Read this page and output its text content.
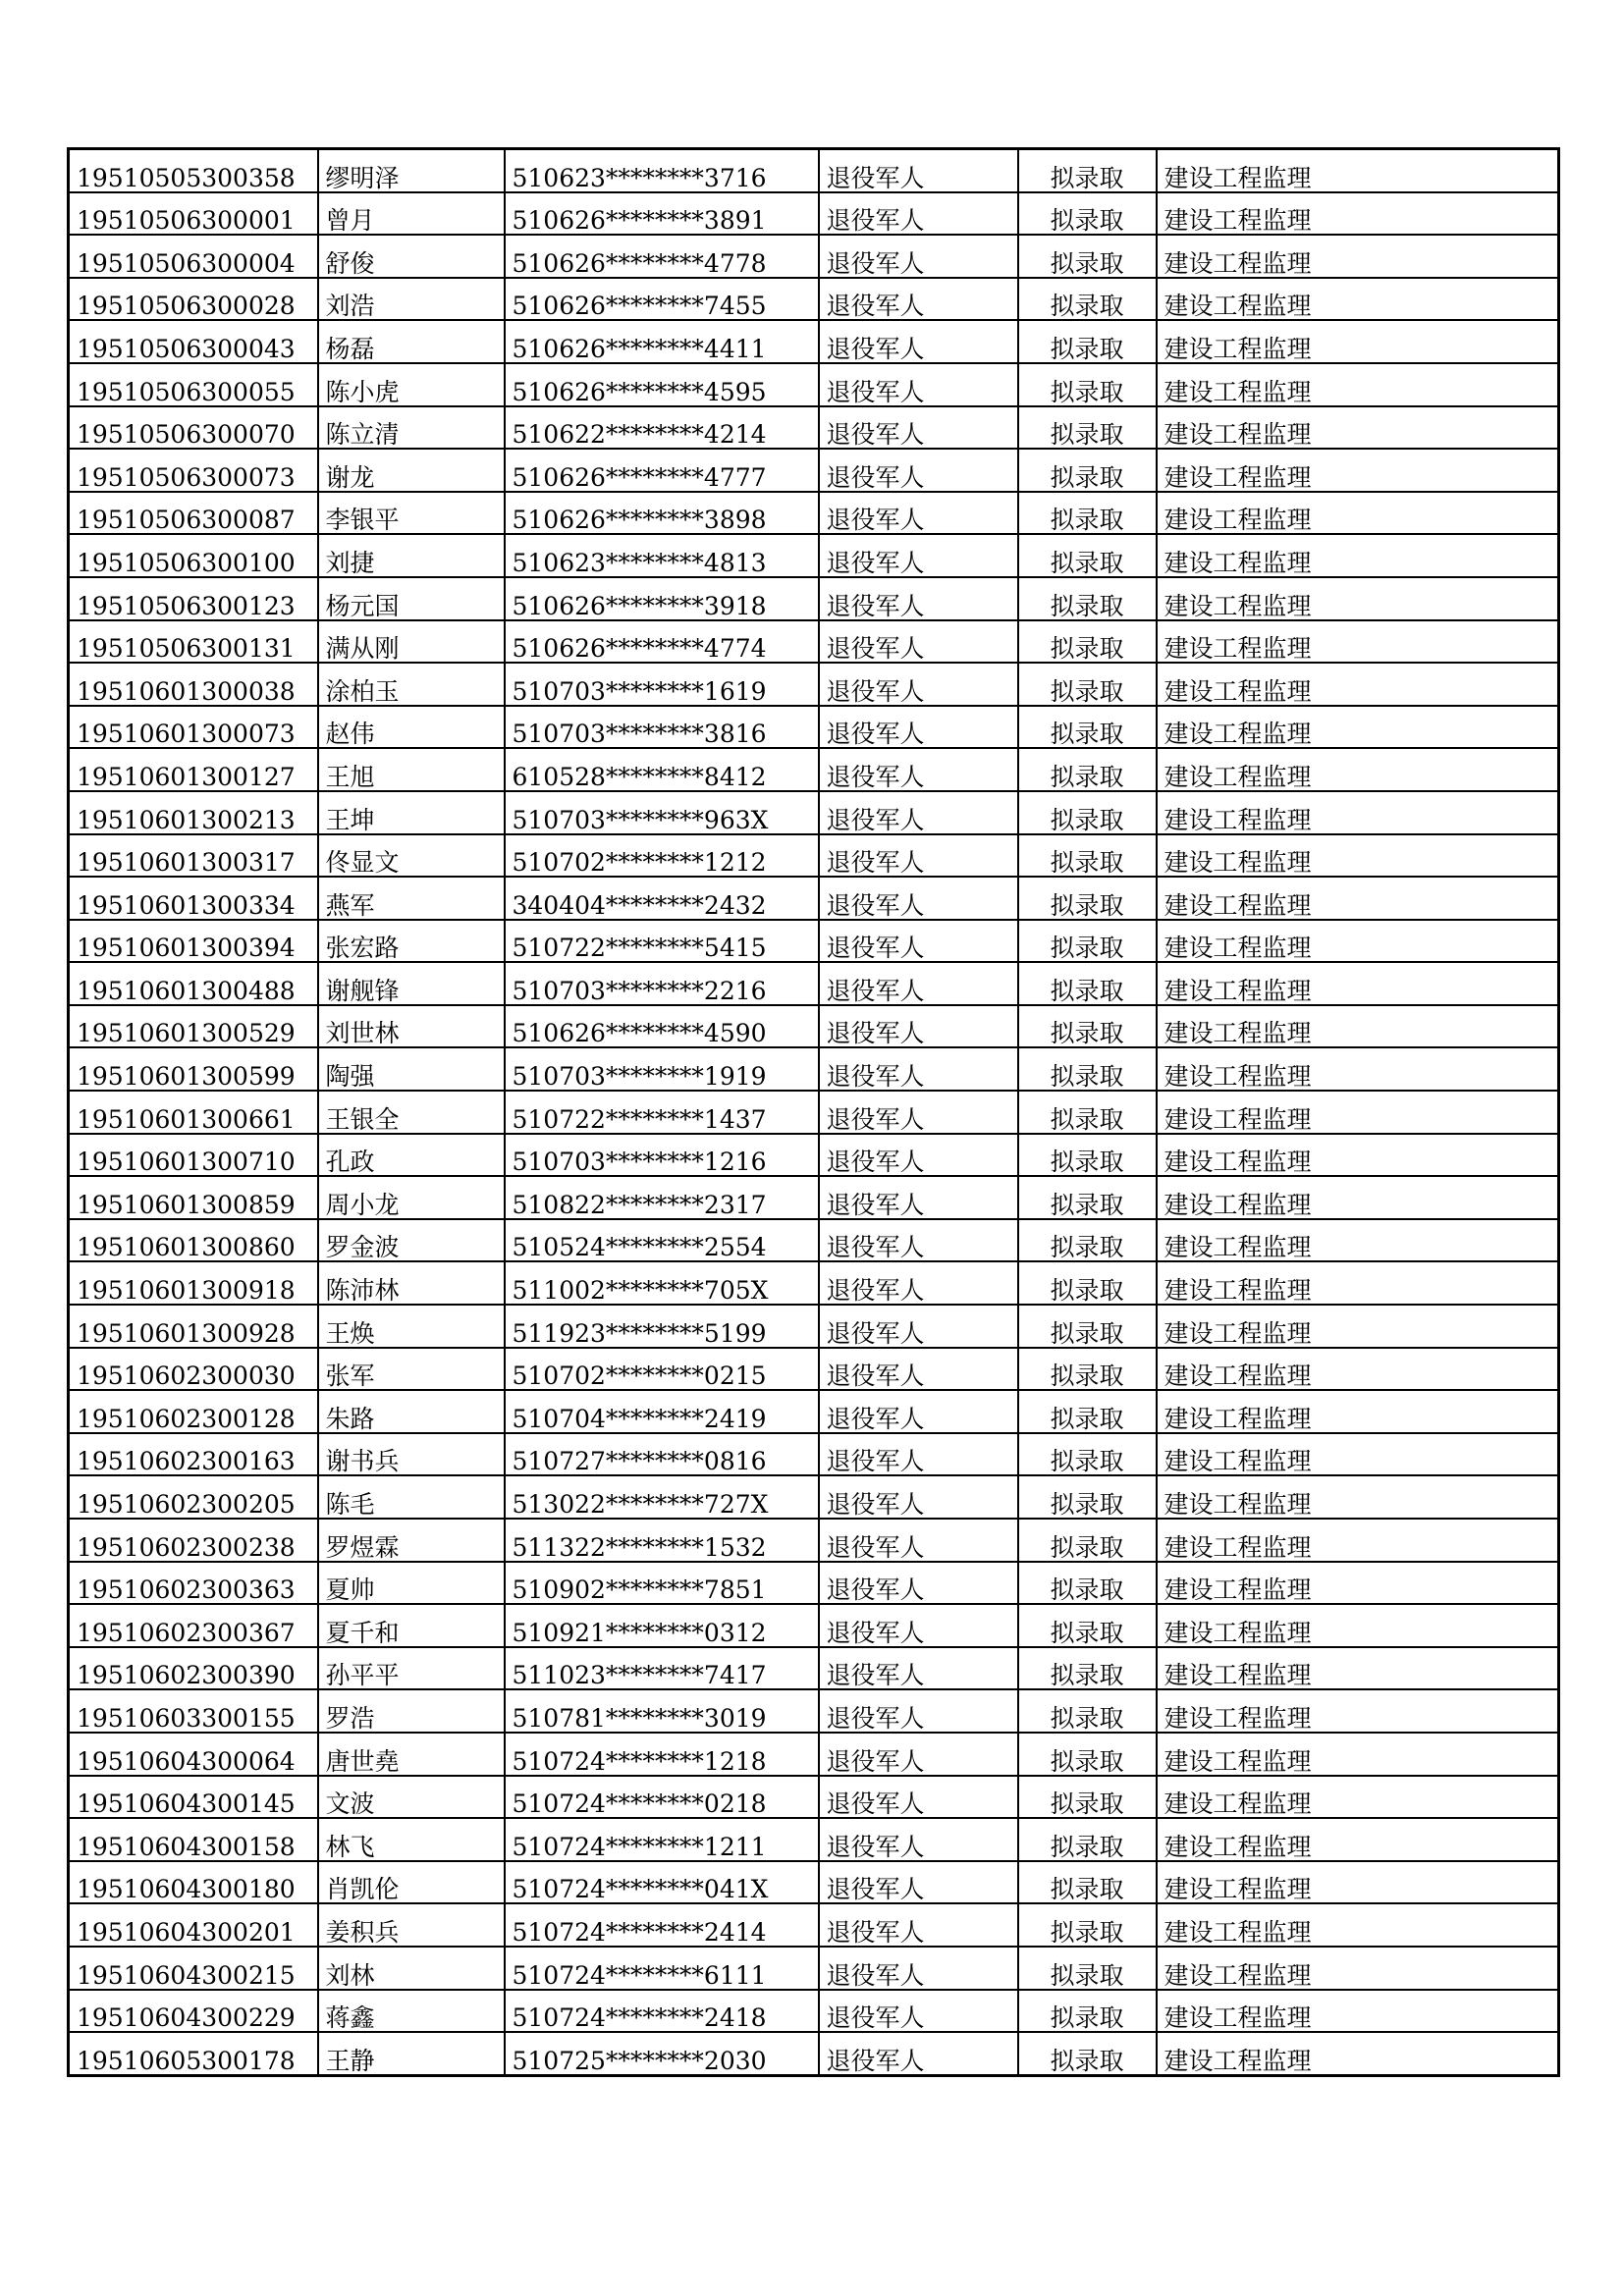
19510505300358	缪明泽	510623********3716	退役军人	拟录取	建设工程监理
19510506300001	曾月	510626********3891	退役军人	拟录取	建设工程监理
19510506300004	舒俊	510626********4778	退役军人	拟录取	建设工程监理
19510506300028	刘浩	510626********7455	退役军人	拟录取	建设工程监理
19510506300043	杨磊	510626********4411	退役军人	拟录取	建设工程监理
19510506300055	陈小虎	510626********4595	退役军人	拟录取	建设工程监理
19510506300070	陈立清	510622********4214	退役军人	拟录取	建设工程监理
19510506300073	谢龙	510626********4777	退役军人	拟录取	建设工程监理
19510506300087	李银平	510626********3898	退役军人	拟录取	建设工程监理
19510506300100	刘捷	510623********4813	退役军人	拟录取	建设工程监理
19510506300123	杨元国	510626********3918	退役军人	拟录取	建设工程监理
19510506300131	满从刚	510626********4774	退役军人	拟录取	建设工程监理
19510601300038	涂柏玉	510703********1619	退役军人	拟录取	建设工程监理
19510601300073	赵伟	510703********3816	退役军人	拟录取	建设工程监理
19510601300127	王旭	610528********8412	退役军人	拟录取	建设工程监理
19510601300213	王坤	510703********963X	退役军人	拟录取	建设工程监理
19510601300317	佟显文	510702********1212	退役军人	拟录取	建设工程监理
19510601300334	燕军	340404********2432	退役军人	拟录取	建设工程监理
19510601300394	张宏路	510722********5415	退役军人	拟录取	建设工程监理
19510601300488	谢舰锋	510703********2216	退役军人	拟录取	建设工程监理
19510601300529	刘世林	510626********4590	退役军人	拟录取	建设工程监理
19510601300599	陶强	510703********1919	退役军人	拟录取	建设工程监理
19510601300661	王银全	510722********1437	退役军人	拟录取	建设工程监理
19510601300710	孔政	510703********1216	退役军人	拟录取	建设工程监理
19510601300859	周小龙	510822********2317	退役军人	拟录取	建设工程监理
19510601300860	罗金波	510524********2554	退役军人	拟录取	建设工程监理
19510601300918	陈沛林	511002********705X	退役军人	拟录取	建设工程监理
19510601300928	王焕	511923********5199	退役军人	拟录取	建设工程监理
19510602300030	张军	510702********0215	退役军人	拟录取	建设工程监理
19510602300128	朱路	510704********2419	退役军人	拟录取	建设工程监理
19510602300163	谢书兵	510727********0816	退役军人	拟录取	建设工程监理
19510602300205	陈毛	513022********727X	退役军人	拟录取	建设工程监理
19510602300238	罗煜霖	511322********1532	退役军人	拟录取	建设工程监理
19510602300363	夏帅	510902********7851	退役军人	拟录取	建设工程监理
19510602300367	夏千和	510921********0312	退役军人	拟录取	建设工程监理
19510602300390	孙平平	511023********7417	退役军人	拟录取	建设工程监理
19510603300155	罗浩	510781********3019	退役军人	拟录取	建设工程监理
19510604300064	唐世堯	510724********1218	退役军人	拟录取	建设工程监理
19510604300145	文波	510724********0218	退役军人	拟录取	建设工程监理
19510604300158	林飞	510724********1211	退役军人	拟录取	建设工程监理
19510604300180	肖凯伦	510724********041X	退役军人	拟录取	建设工程监理
19510604300201	姜积兵	510724********2414	退役军人	拟录取	建设工程监理
19510604300215	刘林	510724********6111	退役军人	拟录取	建设工程监理
19510604300229	蒋鑫	510724********2418	退役军人	拟录取	建设工程监理
19510605300178	王静	510725********2030	退役军人	拟录取	建设工程监理
